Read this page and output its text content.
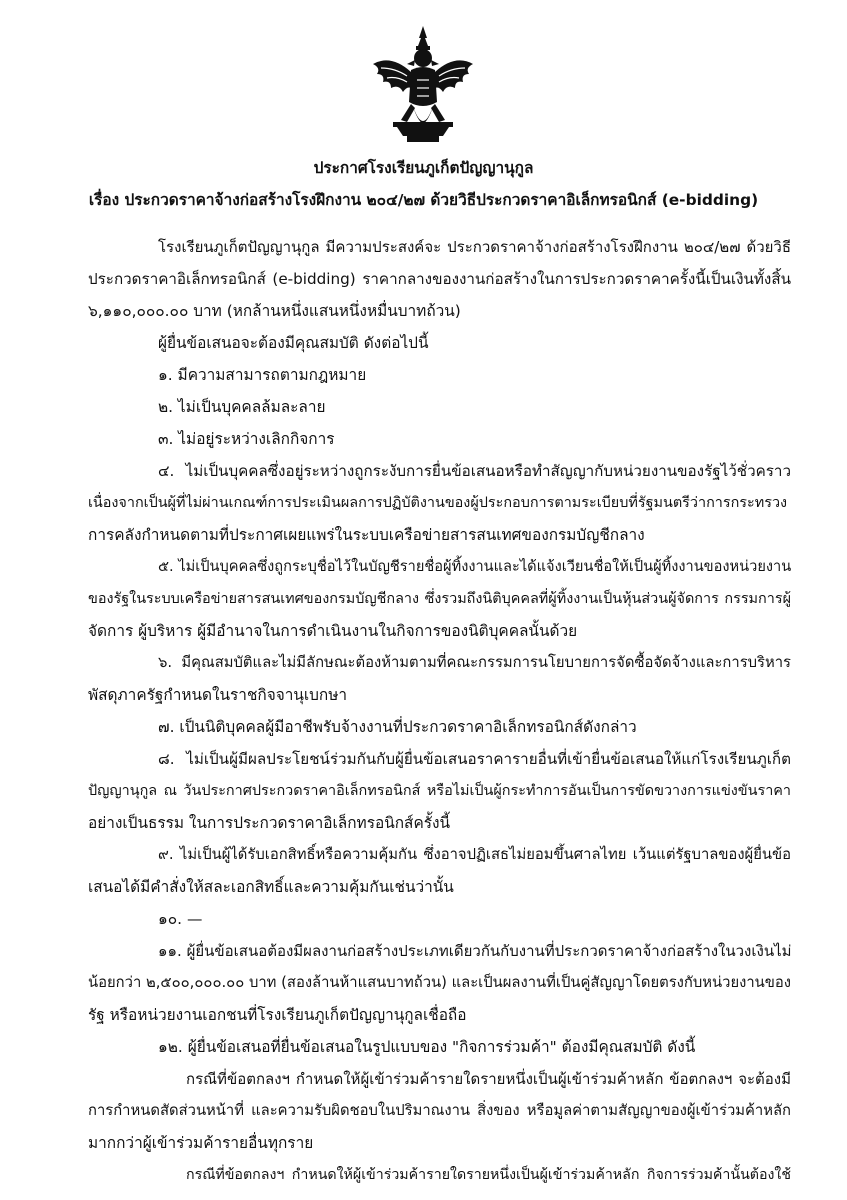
ประกาศโรงเรียนภูเก็ตปัญญานุกูล
เรื่อง ประกวดราคาจ้างก่อสร้างโรงฝึกงาน ๒๐๔/๒๗ ด้วยวิธีประกวดราคาอิเล็กทรอนิกส์ (e-bidding)
โรงเรียนภูเก็ตปัญญานุกูล มีความประสงค์จะ ประกวดราคาจ้างก่อสร้างโรงฝึกงาน ๒๐๔/๒๗ ด้วยวิธี
ประกวดราคาอิเล็กทรอนิกส์ (e-bidding) ราคากลางของงานก่อสร้างในการประกวดราคาครั้งนี้เป็นเงินทั้งสิ้น
๖,๑๑๐,๐๐๐.๐๐ บาท (หกล้านหนึ่งแสนหนึ่งหมื่นบาทถ้วน)
ผู้ยื่นข้อเสนอจะต้องมีคุณสมบัติ ดังต่อไปนี้
๑. มีความสามารถตามกฎหมาย
๒. ไม่เป็นบุคคลล้มละลาย
๓. ไม่อยู่ระหว่างเลิกกิจการ
๔. ไม่เป็นบุคคลซึ่งอยู่ระหว่างถูกระงับการยื่นข้อเสนอหรือทำสัญญากับหน่วยงานของรัฐไว้ชั่วคราว
เนื่องจากเป็นผู้ที่ไม่ผ่านเกณฑ์การประเมินผลการปฏิบัติงานของผู้ประกอบการตามระเบียบที่รัฐมนตรีว่าการกระทรวง
การคลังกำหนดตามที่ประกาศเผยแพร่ในระบบเครือข่ายสารสนเทศของกรมบัญชีกลาง
๕. ไม่เป็นบุคคลซึ่งถูกระบุชื่อไว้ในบัญชีรายชื่อผู้ทิ้งงานและได้แจ้งเวียนชื่อให้เป็นผู้ทิ้งงานของหน่วยงาน
ของรัฐในระบบเครือข่ายสารสนเทศของกรมบัญชีกลาง ซึ่งรวมถึงนิติบุคคลที่ผู้ทิ้งงานเป็นหุ้นส่วนผู้จัดการ กรรมการผู้
จัดการ ผู้บริหาร ผู้มีอำนาจในการดำเนินงานในกิจการของนิติบุคคลนั้นด้วย
๖. มีคุณสมบัติและไม่มีลักษณะต้องห้ามตามที่คณะกรรมการนโยบายการจัดซื้อจัดจ้างและการบริหาร
พัสดุภาครัฐกำหนดในราชกิจจานุเบกษา
๗. เป็นนิติบุคคลผู้มีอาชีพรับจ้างงานที่ประกวดราคาอิเล็กทรอนิกส์ดังกล่าว
๘. ไม่เป็นผู้มีผลประโยชน์ร่วมกันกับผู้ยื่นข้อเสนอราคารายอื่นที่เข้ายื่นข้อเสนอให้แก่โรงเรียนภูเก็ต
ปัญญานุกูล ณ วันประกาศประกวดราคาอิเล็กทรอนิกส์ หรือไม่เป็นผู้กระทำการอันเป็นการขัดขวางการแข่งขันราคา
อย่างเป็นธรรม ในการประกวดราคาอิเล็กทรอนิกส์ครั้งนี้
๙. ไม่เป็นผู้ได้รับเอกสิทธิ์หรือความคุ้มกัน ซึ่งอาจปฏิเสธไม่ยอมขึ้นศาลไทย เว้นแต่รัฐบาลของผู้ยื่นข้อ
เสนอได้มีคำสั่งให้สละเอกสิทธิ์และความคุ้มกันเช่นว่านั้น
๑๐. —
๑๑. ผู้ยื่นข้อเสนอต้องมีผลงานก่อสร้างประเภทเดียวกันกับงานที่ประกวดราคาจ้างก่อสร้างในวงเงินไม่
น้อยกว่า ๒,๕๐๐,๐๐๐.๐๐ บาท (สองล้านห้าแสนบาทถ้วน) และเป็นผลงานที่เป็นคู่สัญญาโดยตรงกับหน่วยงานของ
รัฐ หรือหน่วยงานเอกชนที่โรงเรียนภูเก็ตปัญญานุกูลเชื่อถือ
๑๒. ผู้ยื่นข้อเสนอที่ยื่นข้อเสนอในรูปแบบของ "กิจการร่วมค้า" ต้องมีคุณสมบัติ ดังนี้
กรณีที่ข้อตกลงฯ กำหนดให้ผู้เข้าร่วมค้ารายใดรายหนึ่งเป็นผู้เข้าร่วมค้าหลัก ข้อตกลงฯ จะต้องมี
การกำหนดสัดส่วนหน้าที่ และความรับผิดชอบในปริมาณงาน สิ่งของ หรือมูลค่าตามสัญญาของผู้เข้าร่วมค้าหลัก
มากกว่าผู้เข้าร่วมค้ารายอื่นทุกราย
กรณีที่ข้อตกลงฯ กำหนดให้ผู้เข้าร่วมค้ารายใดรายหนึ่งเป็นผู้เข้าร่วมค้าหลัก กิจการร่วมค้านั้นต้องใช้
